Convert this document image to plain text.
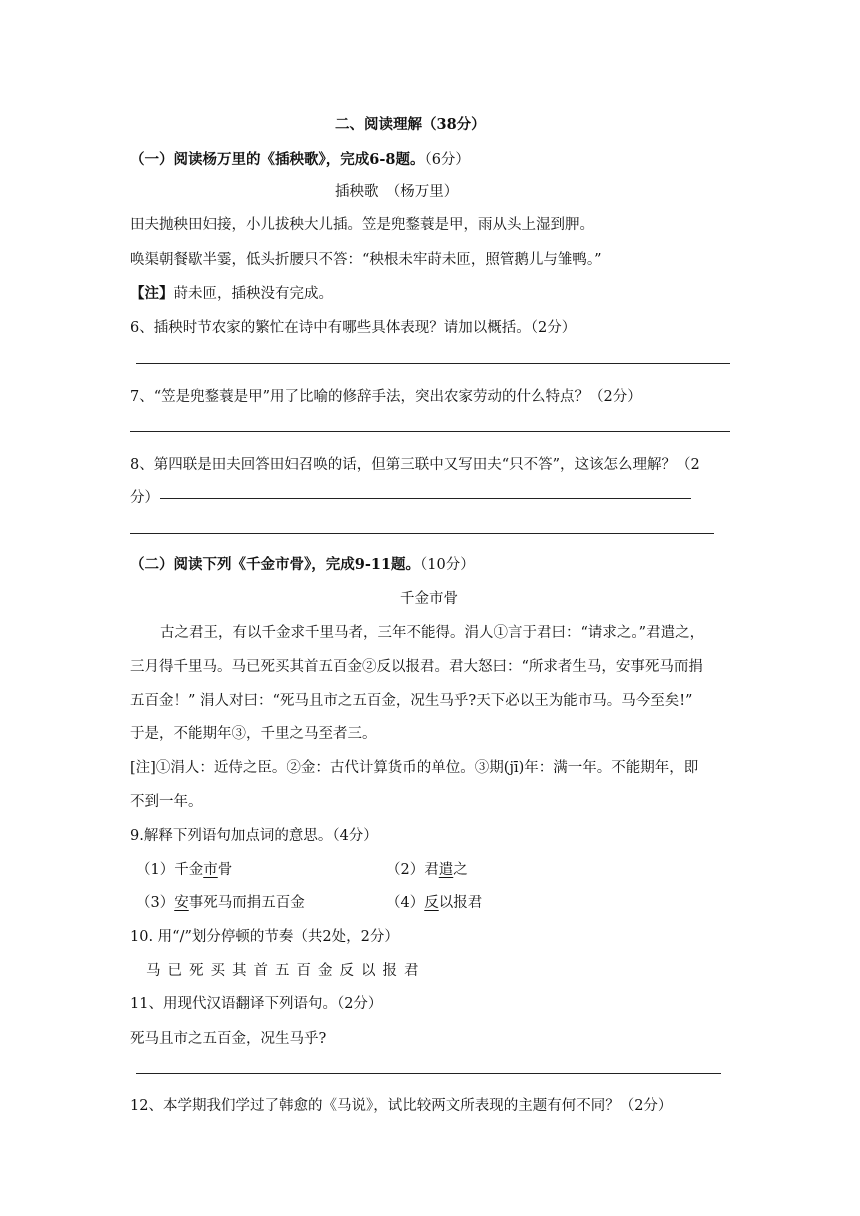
二、阅读理解（38分）
（一）阅读杨万里的《插秧歌》，完成6-8题。（6分）
插秧歌　（杨万里）
田夫抛秧田妇接，小儿拔秧大儿插。笠是兜鍪蓑是甲，雨从头上湿到胛。
唤渠朝餐歇半霎，低头折腰只不答：“秧根未牢莳未匝，照管鹅儿与雏鸭。”
【注】莳未匝，插秧没有完成。
6、插秧时节农家的繁忙在诗中有哪些具体表现？请加以概括。（2分）
7、“笠是兜鍪蓑是甲”用了比喻的修辞手法，突出农家劳动的什么特点？（2分）
8、第四联是田夫回答田妇召唤的话，但第三联中又写田夫“只不答”，这该怎么理解？（2
分）
（二）阅读下列《千金市骨》，完成9-11题。（10分）
千金市骨
古之君王，有以千金求千里马者，三年不能得。涓人①言于君曰：“请求之。”君遣之，
三月得千里马。马已死买其首五百金②反以报君。君大怒曰：“所求者生马，安事死马而捐
五百金！” 涓人对曰：“死马且市之五百金，况生马乎?天下必以王为能市马。马今至矣!”
于是，不能期年③，千里之马至者三。
[注]①涓人：近侍之臣。②金：古代计算货币的单位。③期(jī)年：满一年。不能期年，即
不到一年。
9.解释下列语句加点词的意思。（4分）
（1）千金市骨	（2）君遣之
（3）安事死马而捐五百金	（4）反以报君
10. 用“/”划分停顿的节奏（共2处，2分）
马已死买其首五百金反以报君
11、用现代汉语翻译下列语句。（2分）
死马且市之五百金，况生马乎?
12、本学期我们学过了韩愈的《马说》，试比较两文所表现的主题有何不同？（2分）
